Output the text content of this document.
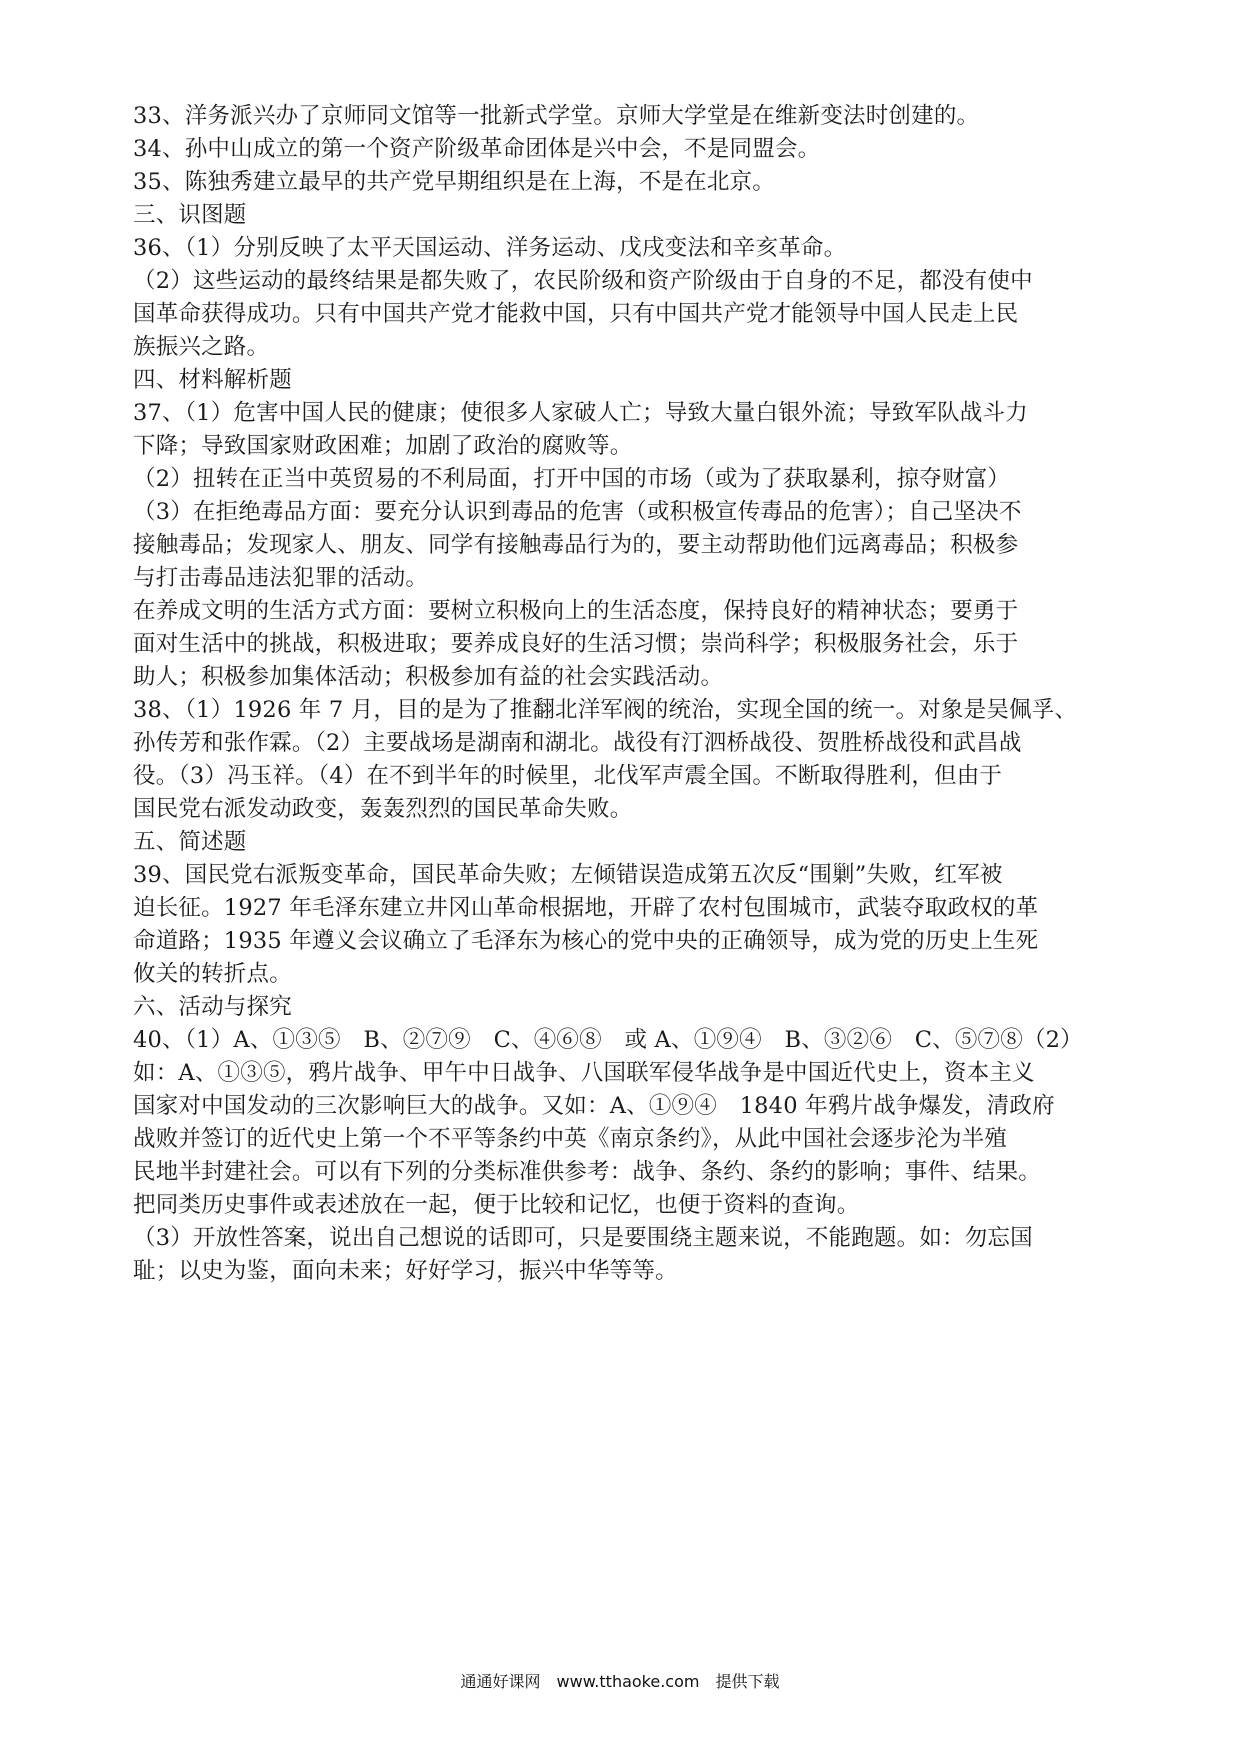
33、洋务派兴办了京师同文馆等一批新式学堂。京师大学堂是在维新变法时创建的。
34、孙中山成立的第一个资产阶级革命团体是兴中会，不是同盟会。
35、陈独秀建立最早的共产党早期组织是在上海，不是在北京。
三、识图题
36、（1）分别反映了太平天国运动、洋务运动、戊戌变法和辛亥革命。
（2）这些运动的最终结果是都失败了，农民阶级和资产阶级由于自身的不足，都没有使中
国革命获得成功。只有中国共产党才能救中国，只有中国共产党才能领导中国人民走上民
族振兴之路。
四、材料解析题
37、（1）危害中国人民的健康；使很多人家破人亡；导致大量白银外流；导致军队战斗力
下降；导致国家财政困难；加剧了政治的腐败等。
（2）扭转在正当中英贸易的不利局面，打开中国的市场（或为了获取暴利，掠夺财富）
（3）在拒绝毒品方面：要充分认识到毒品的危害（或积极宣传毒品的危害）；自己坚决不
接触毒品；发现家人、朋友、同学有接触毒品行为的，要主动帮助他们远离毒品；积极参
与打击毒品违法犯罪的活动。
在养成文明的生活方式方面：要树立积极向上的生活态度，保持良好的精神状态；要勇于
面对生活中的挑战，积极进取；要养成良好的生活习惯；崇尚科学；积极服务社会，乐于
助人；积极参加集体活动；积极参加有益的社会实践活动。
38、（1）1926 年 7 月，目的是为了推翻北洋军阀的统治，实现全国的统一。对象是吴佩孚、
孙传芳和张作霖。（2）主要战场是湖南和湖北。战役有汀泗桥战役、贺胜桥战役和武昌战
役。（3）冯玉祥。（4）在不到半年的时候里，北伐军声震全国。不断取得胜利，但由于
国民党右派发动政变，轰轰烈烈的国民革命失败。
五、简述题
39、国民党右派叛变革命，国民革命失败；左倾错误造成第五次反“围剿”失败，红军被
迫长征。1927 年毛泽东建立井冈山革命根据地，开辟了农村包围城市，武装夺取政权的革
命道路；1935 年遵义会议确立了毛泽东为核心的党中央的正确领导，成为党的历史上生死
攸关的转折点。
六、活动与探究
40、（1）A、①③⑤　B、②⑦⑨　C、④⑥⑧　或 A、①⑨④　B、③②⑥　C、⑤⑦⑧（2）
如：A、①③⑤，鸦片战争、甲午中日战争、八国联军侵华战争是中国近代史上，资本主义
国家对中国发动的三次影响巨大的战争。又如：A、①⑨④　1840 年鸦片战争爆发，清政府
战败并签订的近代史上第一个不平等条约中英《南京条约》，从此中国社会逐步沦为半殖
民地半封建社会。可以有下列的分类标准供参考：战争、条约、条约的影响；事件、结果。
把同类历史事件或表述放在一起，便于比较和记忆，也便于资料的查询。
（3）开放性答案，说出自己想说的话即可，只是要围绕主题来说，不能跑题。如：勿忘国
耻；以史为鉴，面向未来；好好学习，振兴中华等等。
通通好课网　www.tthaoke.com　提供下载
